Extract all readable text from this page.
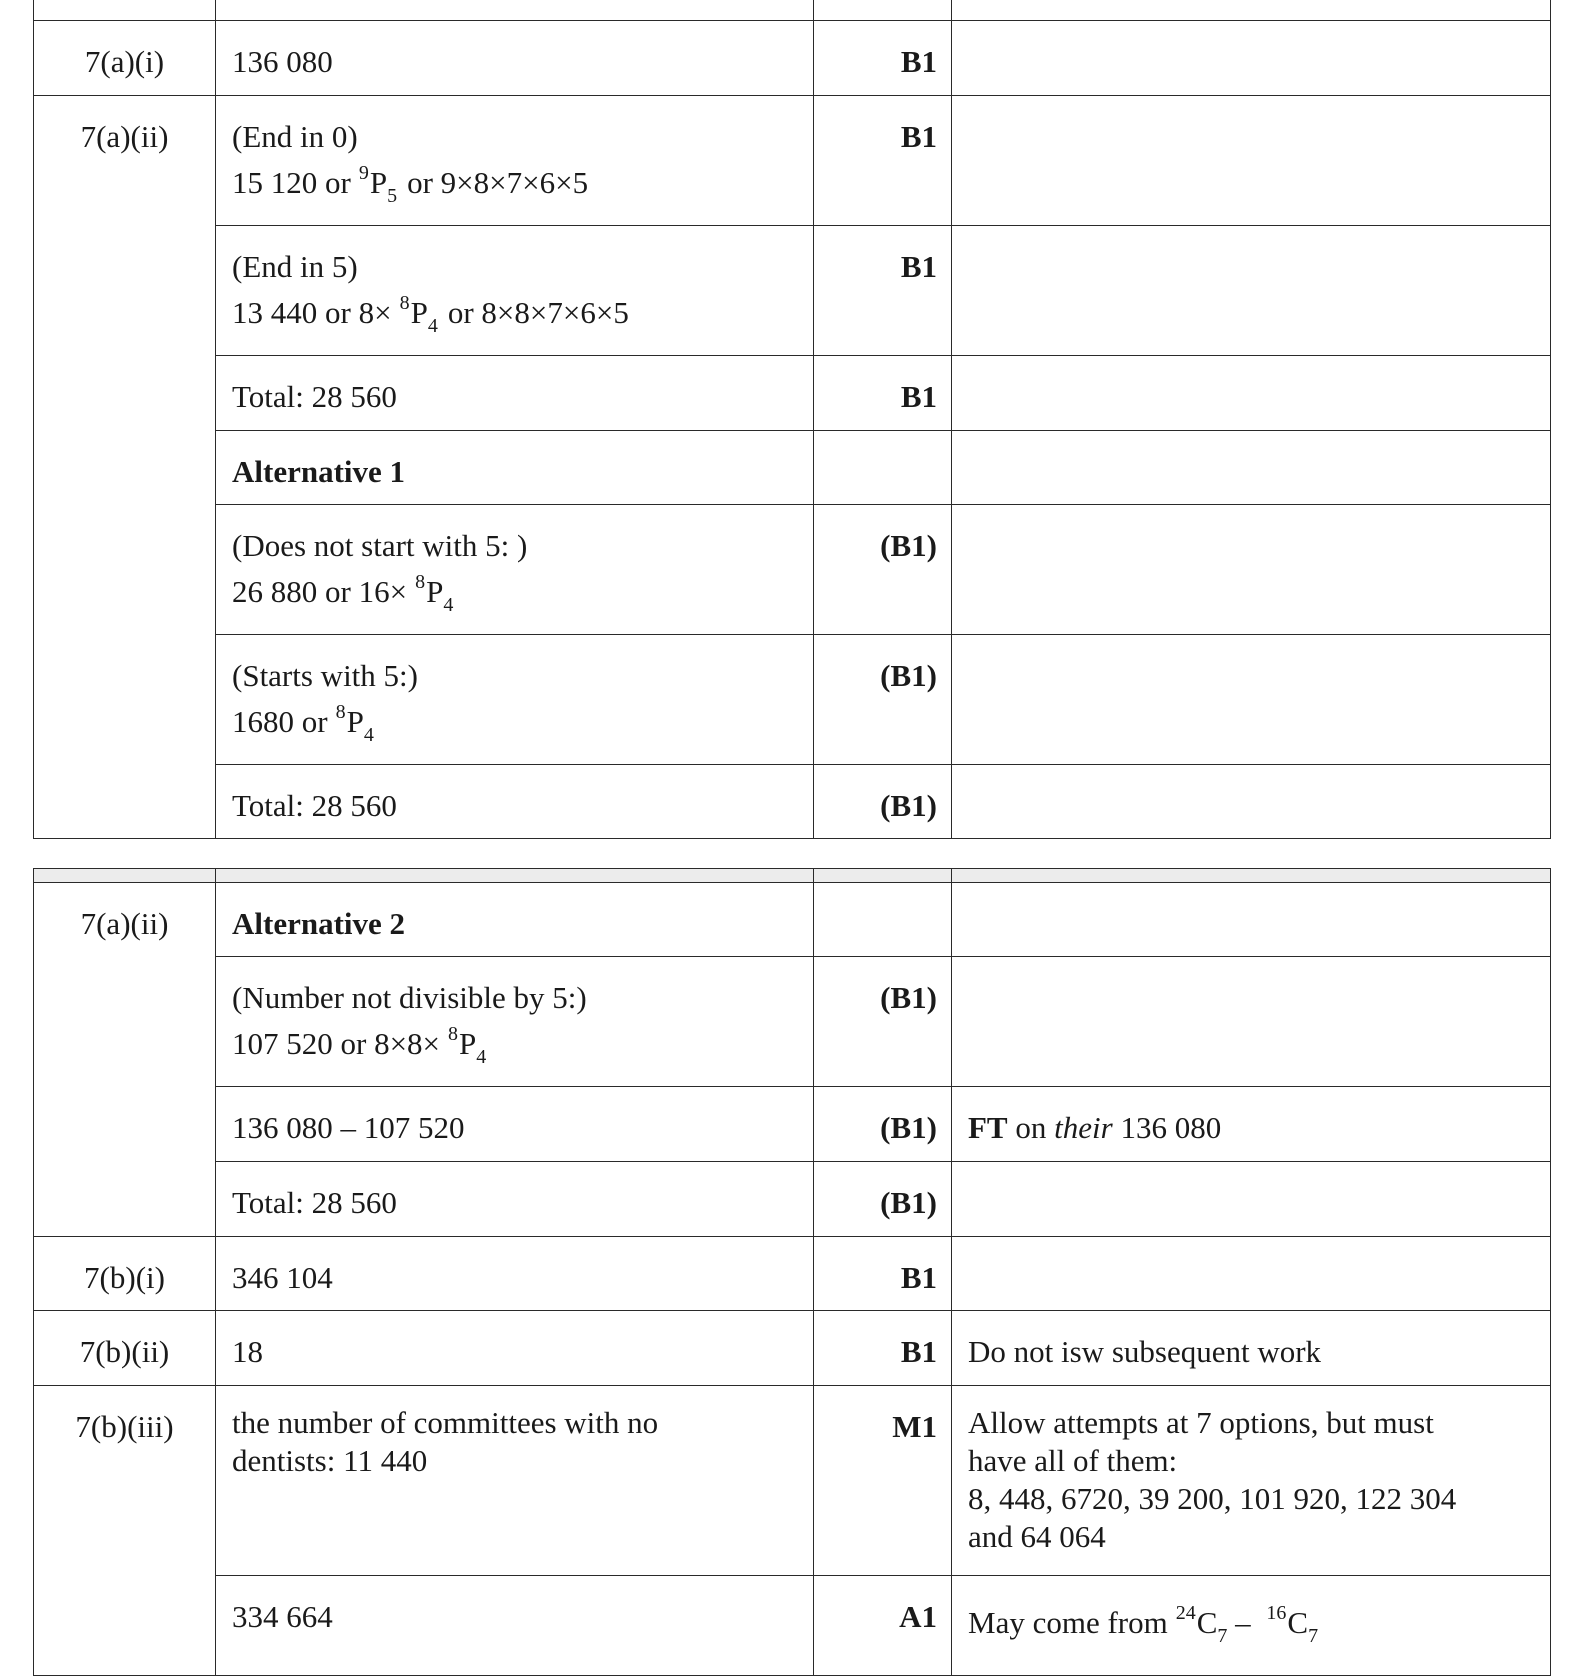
7(a)(i)	136 080	B1	
7(a)(ii)	(End in 0)
15 120 or $^9P_5$ or 9×8×7×6×5	B1	
	(End in 5)
13 440 or $8\times ^8P_4$ or 8×8×7×6×5	B1	
	Total: 28 560	B1	
	Alternative 1		
	(Does not start with 5: )
26 880 or $16\times ^8P_4$	(B1)	
	(Starts with 5:)
1680 or $^8P_4$	(B1)	
	Total: 28 560	(B1)	

7(a)(ii)	Alternative 2		
	(Number not divisible by 5:)
107 520 or $8\times 8\times ^8P_4$	(B1)	
	136 080 – 107 520	(B1)	FT on their 136 080
	Total: 28 560	(B1)	
7(b)(i)	346 104	B1	
7(b)(ii)	18	B1	Do not isw subsequent work
7(b)(iii)	the number of committees with no
dentists: 11 440	M1	Allow attempts at 7 options, but must
have all of them:
8, 448, 6720, 39 200, 101 920, 122 304
and 64 064

	334 664	A1	May come from $^{24}C_7 - ^{16}C_7$
